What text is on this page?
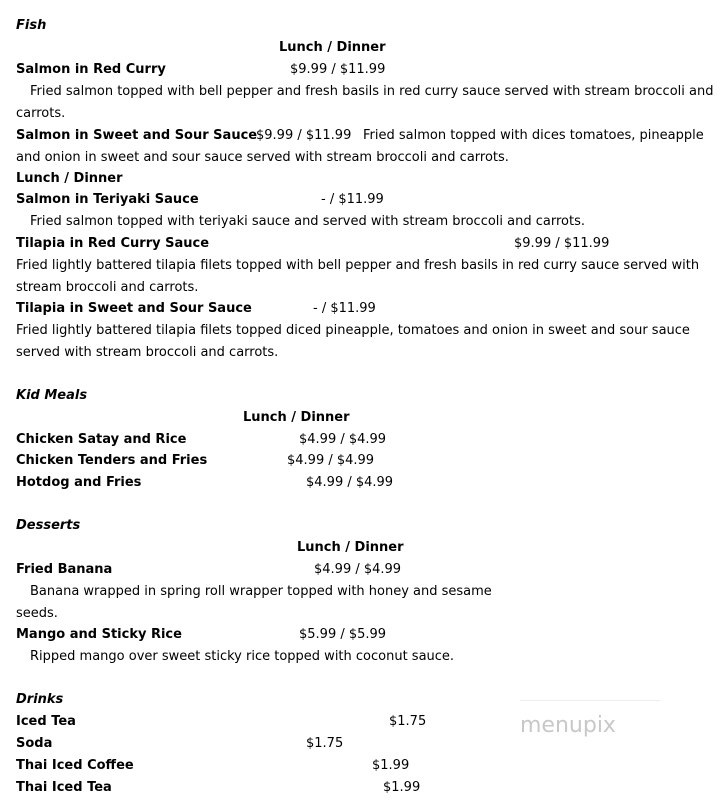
Fish
Lunch / Dinner
Salmon in Red Curry	$9.99 / $11.99
Fried salmon topped with bell pepper and fresh basils in red curry sauce served with stream broccoli and
carrots.
Salmon in Sweet and Sour Sauce
$9.99 / $11.99 Fried salmon topped with dices tomatoes, pineapple
and onion in sweet and sour sauce served with stream broccoli and carrots.
Lunch / Dinner
Salmon in Teriyaki Sauce	- / $11.99
Fried salmon topped with teriyaki sauce and served with stream broccoli and carrots.
Tilapia in Red Curry Sauce	$9.99 / $11.99
Fried lightly battered tilapia filets topped with bell pepper and fresh basils in red curry sauce served with
stream broccoli and carrots.
Tilapia in Sweet and Sour Sauce	- / $11.99
Fried lightly battered tilapia filets topped diced pineapple, tomatoes and onion in sweet and sour sauce
served with stream broccoli and carrots.
Kid Meals
Lunch / Dinner
Chicken Satay and Rice	$4.99 / $4.99
Chicken Tenders and Fries	$4.99 / $4.99
Hotdog and Fries	$4.99 / $4.99
Desserts
Lunch / Dinner
Fried Banana	$4.99 / $4.99
Banana wrapped in spring roll wrapper topped with honey and sesame
seeds.
Mango and Sticky Rice	$5.99 / $5.99
Ripped mango over sweet sticky rice topped with coconut sauce.
Drinks
Iced Tea	$1.75
Soda	$1.75
Thai Iced Coffee	$1.99
Thai Iced Tea	$1.99
menupix
